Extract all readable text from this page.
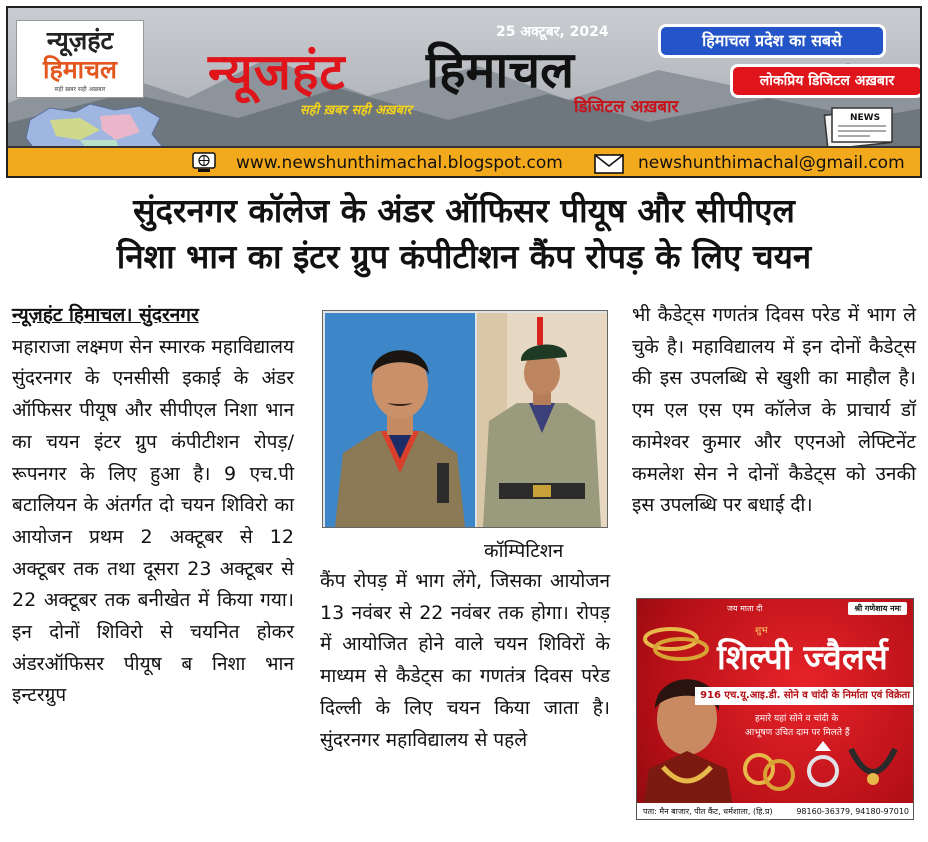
न्यूज़हंट
हिमाचल
सही ख़बर सही अख़बार
25 अक्टूबर, 2024
न्यूजहंट हिमाचल
सही ख़बर सही अख़बार	डिजिटल अख़बार
हिमाचल प्रदेश का सबसे
लोकप्रिय डिजिटल अख़बार
NEWS
www.newshunthimachal.blogspot.com	newshunthimachal@gmail.com
सुंदरनगर कॉलेज के अंडर ऑफिसर पीयूष और सीपीएल
निशा भान का इंटर ग्रुप कंपीटीशन कैंप रोपड़ के लिए चयन
न्यूज़हंट हिमाचल। सुंदरनगर
महाराजा लक्ष्मण सेन स्मारक महाविद्यालय सुंदरनगर के एनसीसी इकाई के अंडर ऑफिसर पीयूष और सीपीएल निशा भान का चयन इंटर ग्रुप कंपीटीशन रोपड़/रूपनगर के लिए हुआ है। 9 एच.पी बटालियन के अंतर्गत दो चयन शिविरो का आयोजन प्रथम 2 अक्टूबर से 12 अक्टूबर तक तथा दूसरा 23 अक्टूबर से 22 अक्टूबर तक बनीखेत में किया गया। इन दोनों शिविरो से चयनित होकर अंडरऑफिसर पीयूष ब निशा भान इन्टरग्रुप
कॉम्पिटिशन
कैंप रोपड़ में भाग लेंगे, जिसका आयोजन 13 नवंबर से 22 नवंबर तक होगा। रोपड़ में आयोजित होने वाले चयन शिविरों के माध्यम से कैडेट्स का गणतंत्र दिवस परेड दिल्ली के लिए चयन किया जाता है। सुंदरनगर महाविद्यालय से पहले
भी कैडेट्स गणतंत्र दिवस परेड में भाग ले चुके है। महाविद्यालय में इन दोनों कैडेट्स की इस उपलब्धि से खुशी का माहौल है। एम एल एस एम कॉलेज के प्राचार्य डॉ कामेश्वर कुमार और एएनओ लेफ्टिनेंट कमलेश सेन ने दोनों कैडेट्स को उनकी इस उपलब्धि पर बधाई दी।
जय माता दी	श्री गणेशाय नमः
शुभ
शिल्पी ज्वैलर्स
916 एच.यू.आइ.डी. सोने व चांदी के निर्माता एवं विक्रेता
हमारे यहां सोने व चांदी के
आभूषण उचित दाम पर मिलते हैं
पता: मैन बाजार, पीत कैंट, धर्मशाला, (हि.प्र)	98160-36379, 94180-97010
